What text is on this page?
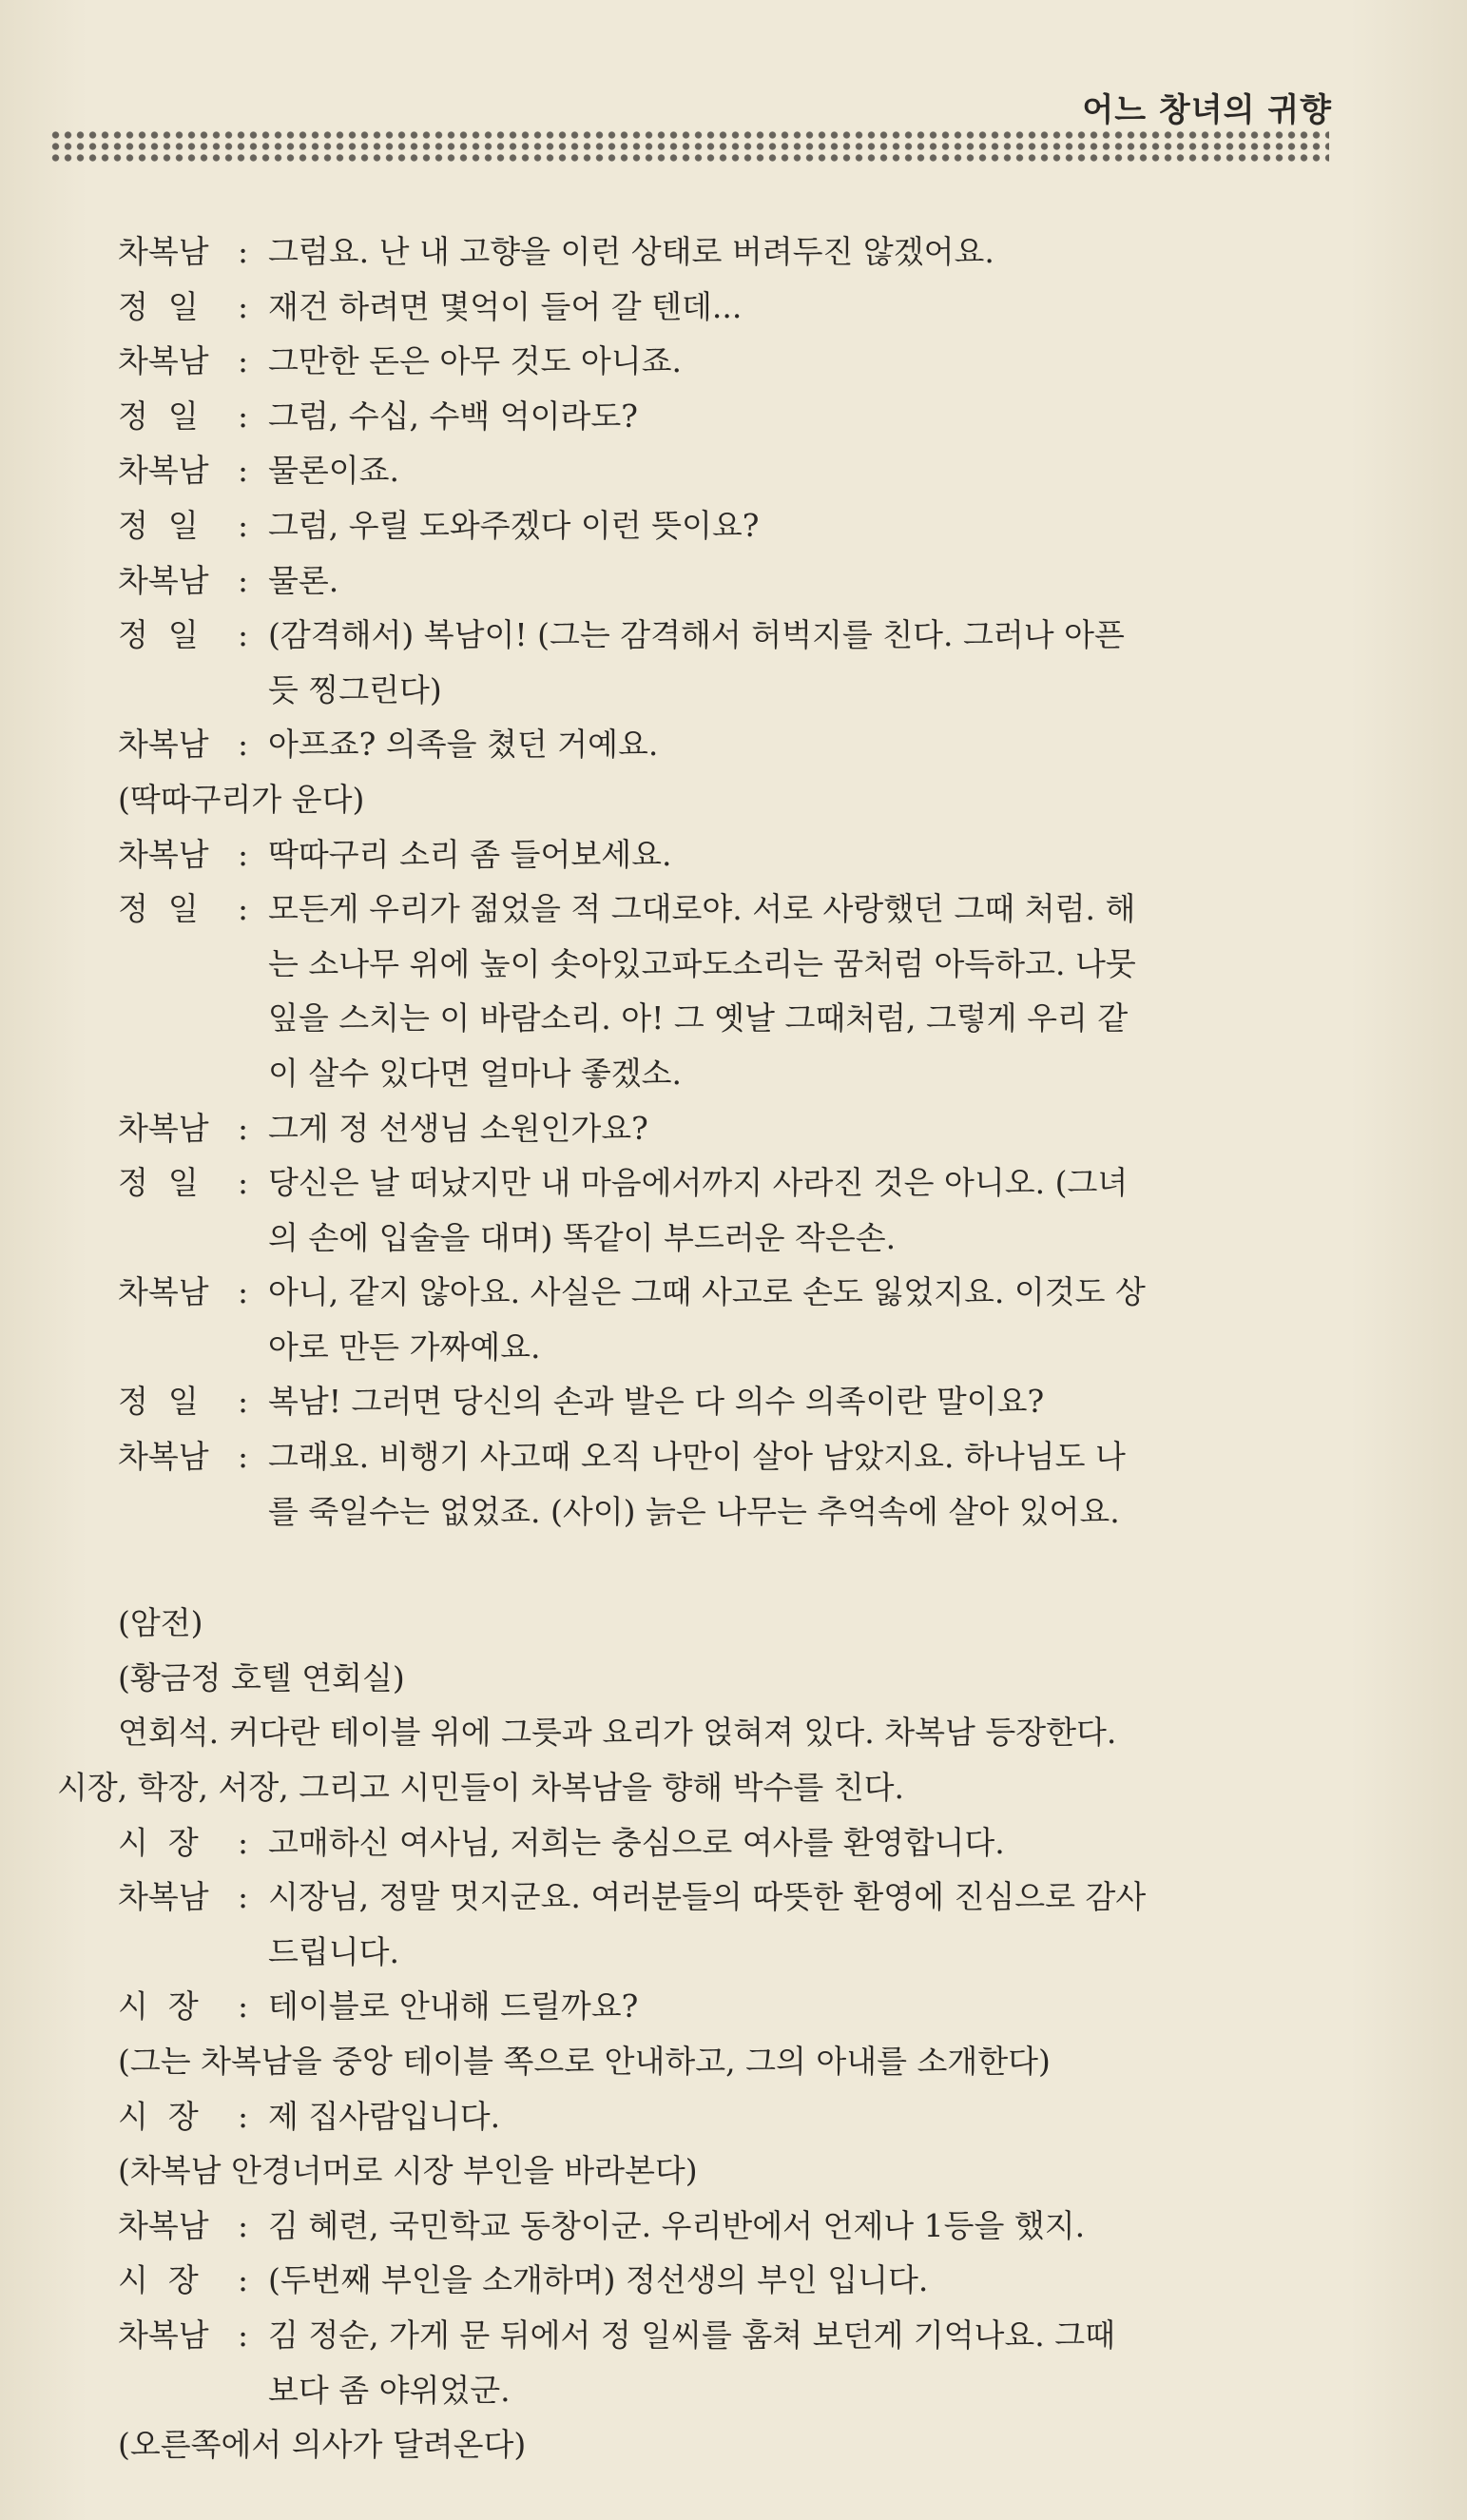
어느 창녀의 귀향
차복남 : 그럼요. 난 내 고향을 이런 상태로 버려두진 않겠어요.
정  일 : 재건 하려면 몇억이 들어 갈 텐데...
차복남 : 그만한 돈은 아무 것도 아니죠.
정  일 : 그럼, 수십, 수백 억이라도?
차복남 : 물론이죠.
정  일 : 그럼, 우릴 도와주겠다 이런 뜻이요?
차복남 : 물론.
정  일 : (감격해서) 복남이! (그는 감격해서 허벅지를 친다. 그러나 아픈
듯 찡그린다)
차복남 : 아프죠? 의족을 쳤던 거예요.
(딱따구리가 운다)
차복남 : 딱따구리 소리 좀 들어보세요.
정  일 : 모든게 우리가 젊었을 적 그대로야. 서로 사랑했던 그때 처럼. 해
는 소나무 위에 높이 솟아있고파도소리는 꿈처럼 아득하고. 나뭇
잎을 스치는 이 바람소리. 아! 그 옛날 그때처럼, 그렇게 우리 같
이 살수 있다면 얼마나 좋겠소.
차복남 : 그게 정 선생님 소원인가요?
정  일 : 당신은 날 떠났지만 내 마음에서까지 사라진 것은 아니오. (그녀
의 손에 입술을 대며) 똑같이 부드러운 작은손.
차복남 : 아니, 같지 않아요. 사실은 그때 사고로 손도 잃었지요. 이것도 상
아로 만든 가짜예요.
정  일 : 복남! 그러면 당신의 손과 발은 다 의수 의족이란 말이요?
차복남 : 그래요. 비행기 사고때 오직 나만이 살아 남았지요. 하나님도 나
를 죽일수는 없었죠. (사이) 늙은 나무는 추억속에 살아 있어요.
(암전)
(황금정 호텔 연회실)
연회석. 커다란 테이블 위에 그릇과 요리가 얹혀져 있다. 차복남 등장한다.
시장, 학장, 서장, 그리고 시민들이 차복남을 향해 박수를 친다.
시  장 : 고매하신 여사님, 저희는 충심으로 여사를 환영합니다.
차복남 : 시장님, 정말 멋지군요. 여러분들의 따뜻한 환영에 진심으로 감사
드립니다.
시  장 : 테이블로 안내해 드릴까요?
(그는 차복남을 중앙 테이블 쪽으로 안내하고, 그의 아내를 소개한다)
시  장 : 제 집사람입니다.
(차복남 안경너머로 시장 부인을 바라본다)
차복남 : 김 혜련, 국민학교 동창이군. 우리반에서 언제나 1등을 했지.
시  장 : (두번째 부인을 소개하며) 정선생의 부인 입니다.
차복남 : 김 정순, 가게 문 뒤에서 정 일씨를 훔쳐 보던게 기억나요. 그때
보다 좀 야위었군.
(오른쪽에서 의사가 달려온다)
